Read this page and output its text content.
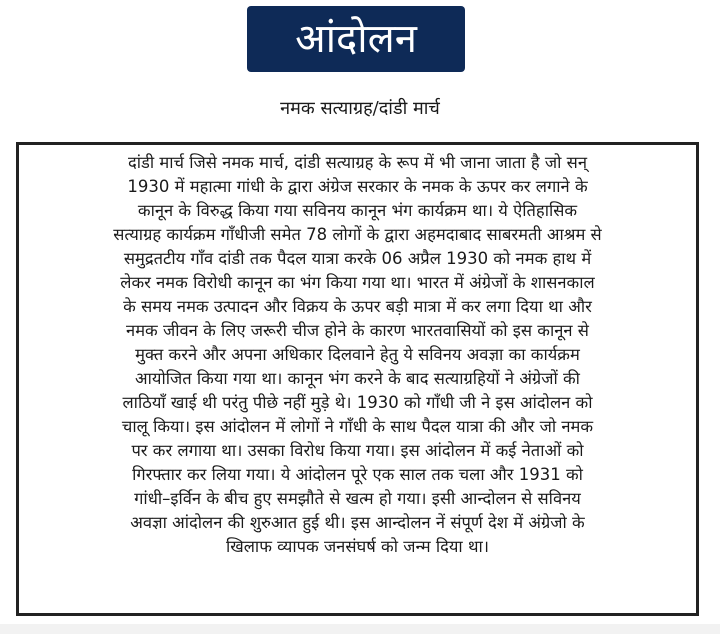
आंदोलन
नमक सत्याग्रह/दांडी मार्च
दांडी मार्च जिसे नमक मार्च, दांडी सत्याग्रह के रूप में भी जाना जाता है जो सन्
1930 में महात्मा गांधी के द्वारा अंग्रेज सरकार के नमक के ऊपर कर लगाने के
कानून के विरुद्ध किया गया सविनय कानून भंग कार्यक्रम था। ये ऐतिहासिक
सत्याग्रह कार्यक्रम गाँधीजी समेत 78 लोगों के द्वारा अहमदाबाद साबरमती आश्रम से
समुद्रतटीय गाँव दांडी तक पैदल यात्रा करके 06 अप्रैल 1930 को नमक हाथ में
लेकर नमक विरोधी कानून का भंग किया गया था। भारत में अंग्रेजों के शासनकाल
के समय नमक उत्पादन और विक्रय के ऊपर बड़ी मात्रा में कर लगा दिया था और
नमक जीवन के लिए जरूरी चीज होने के कारण भारतवासियों को इस कानून से
मुक्त करने और अपना अधिकार दिलवाने हेतु ये सविनय अवज्ञा का कार्यक्रम
आयोजित किया गया था। कानून भंग करने के बाद सत्याग्रहियों ने अंग्रेजों की
लाठियाँ खाई थी परंतु पीछे नहीं मुड़े थे। 1930 को गाँधी जी ने इस आंदोलन को
चालू किया। इस आंदोलन में लोगों ने गाँधी के साथ पैदल यात्रा की और जो नमक
पर कर लगाया था। उसका विरोध किया गया। इस आंदोलन में कई नेताओं को
गिरफ्तार कर लिया गया। ये आंदोलन पूरे एक साल तक चला और 1931 को
गांधी–इर्विन के बीच हुए समझौते से खत्म हो गया। इसी आन्दोलन से सविनय
अवज्ञा आंदोलन की शुरुआत हुई थी। इस आन्दोलन नें संपूर्ण देश में अंग्रेजो के
खिलाफ व्यापक जनसंघर्ष को जन्म दिया था।
